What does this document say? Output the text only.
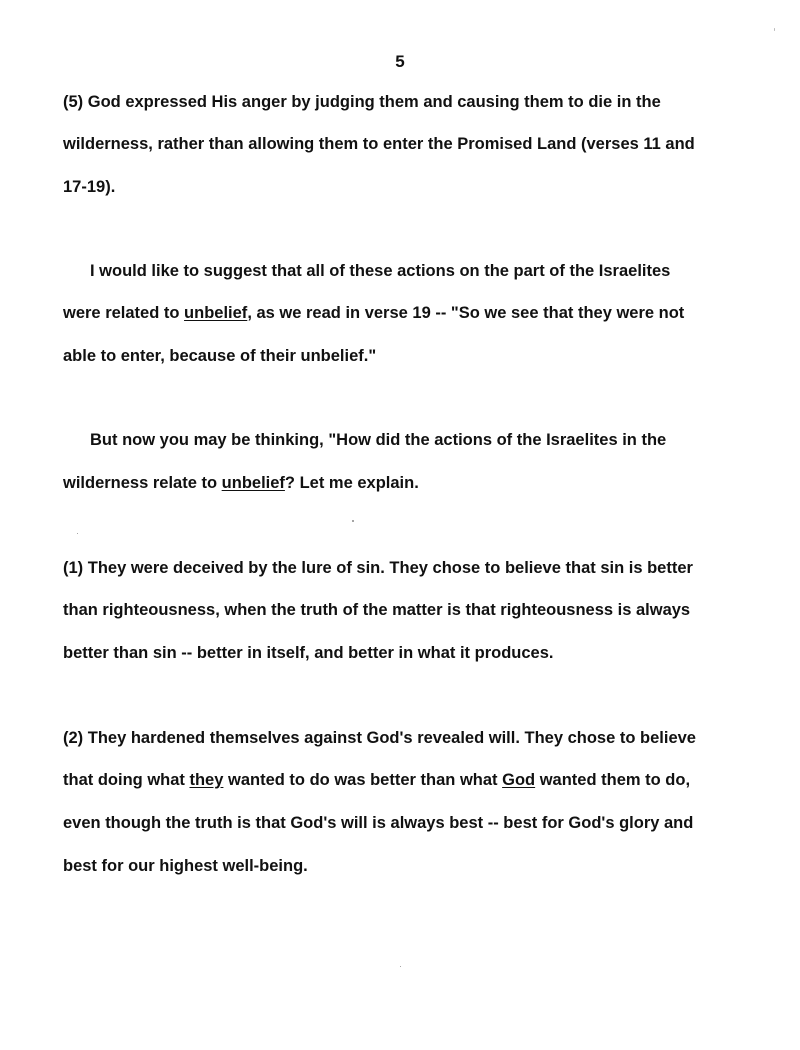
5
(5) God expressed His anger by judging them and causing them to die in the
wilderness, rather than allowing them to enter the Promised Land (verses 11 and
17-19).
I would like to suggest that all of these actions on the part of the Israelites
were related to unbelief, as we read in verse 19 -- "So we see that they were not
able to enter, because of their unbelief."
But now you may be thinking, "How did the actions of the Israelites in the
wilderness relate to unbelief? Let me explain.
(1) They were deceived by the lure of sin. They chose to believe that sin is better
than righteousness, when the truth of the matter is that righteousness is always
better than sin -- better in itself, and better in what it produces.
(2) They hardened themselves against God's revealed will. They chose to believe
that doing what they wanted to do was better than what God wanted them to do,
even though the truth is that God's will is always best -- best for God's glory and
best for our highest well-being.
